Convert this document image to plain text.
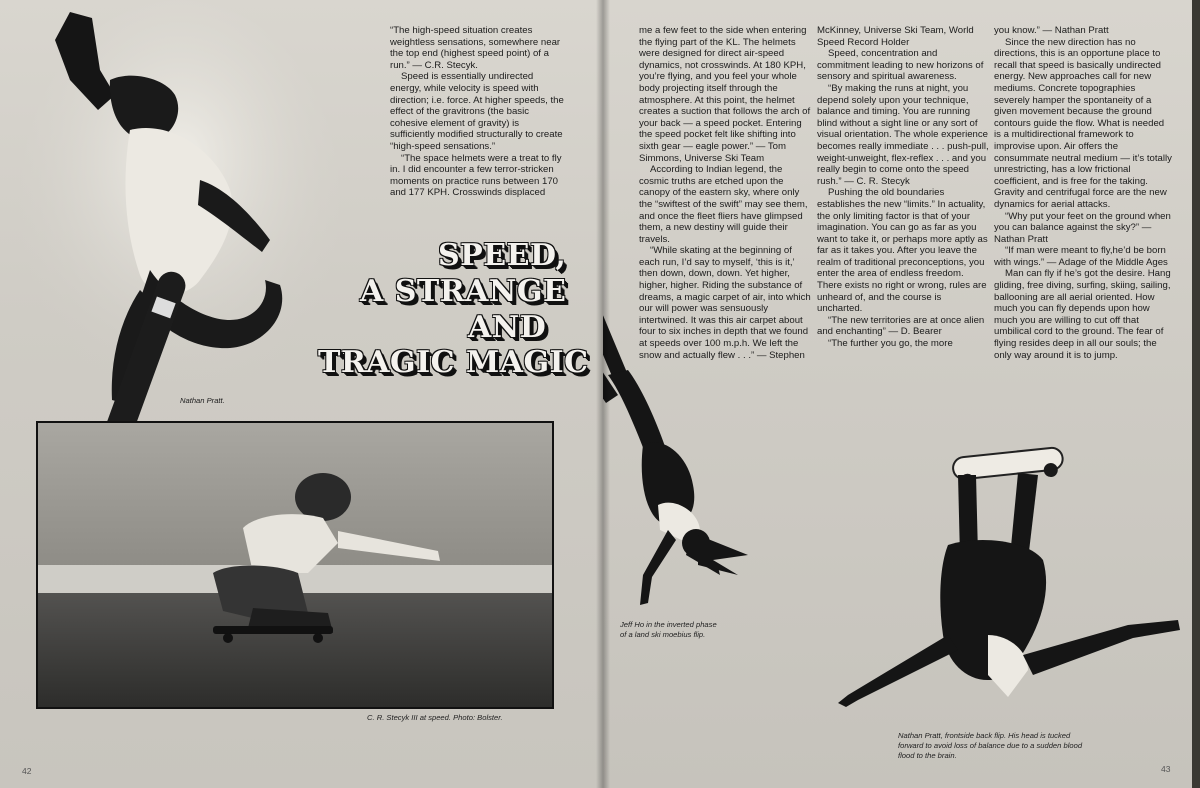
Nathan Pratt.
C. R. Stecyk III at speed. Photo: Bolster.

“The high-speed situation creates weightless sensations, somewhere near the top end (highest speed point) of a run.” — C.R. Stecyk.

Speed is essentially undirected energy, while velocity is speed with direction; i.e. force. At higher speeds, the effect of the gravitrons (the basic cohesive element of gravity) is sufficiently modified structurally to create “high-speed sensations.”

“The space helmets were a treat to fly in. I did encounter a few terror-stricken moments on practice runs between 170 and 177 KPH. Crosswinds displaced

SPEED,
A STRANGE
AND
TRAGIC MAGIC
42

me a few feet to the side when entering the flying part of the KL. The helmets were designed for direct air-speed dynamics, not crosswinds. At 180 KPH, you’re flying, and you feel your whole body projecting itself through the atmosphere. At this point, the helmet creates a suction that follows the arch of your back — a speed pocket. Entering the speed pocket felt like shifting into sixth gear — eagle power.” — Tom Simmons, Universe Ski Team

According to Indian legend, the cosmic truths are etched upon the canopy of the eastern sky, where only the “swiftest of the swift” may see them, and once the fleet fliers have glimpsed them, a new destiny will guide their travels.

“While skating at the beginning of each run, I’d say to myself, ‘this is it,’ then down, down, down. Yet higher, higher, higher. Riding the substance of dreams, a magic carpet of air, into which our will power was sensuously intertwined. It was this air carpet about four to six inches in depth that we found at speeds over 100 m.p.h. We left the snow and actually flew . . .” — Stephen

McKinney, Universe Ski Team, World Speed Record Holder

Speed, concentration and commitment leading to new horizons of sensory and spiritual awareness.

“By making the runs at night, you depend solely upon your technique, balance and timing. You are running blind without a sight line or any sort of visual orientation. The whole experience becomes really immediate . . . push-pull, weight-unweight, flex-reflex . . . and you really begin to come onto the speed rush.” — C. R. Stecyk

Pushing the old boundaries establishes the new “limits.” In actuality, the only limiting factor is that of your imagination. You can go as far as you want to take it, or perhaps more aptly as far as it takes you. After you leave the realm of traditional preconceptions, you enter the area of endless freedom. There exists no right or wrong, rules are unheard of, and the course is uncharted.

“The new territories are at once alien and enchanting” — D. Bearer

“The further you go, the more

you know.” — Nathan Pratt

Since the new direction has no directions, this is an opportune place to recall that speed is basically undirected energy. New approaches call for new mediums. Concrete topographies severely hamper the spontaneity of a given movement because the ground contours guide the flow. What is needed is a multidirectional framework to improvise upon. Air offers the consummate neutral medium — it’s totally unrestricting, has a low frictional coefficient, and is free for the taking. Gravity and centrifugal force are the new dynamics for aerial attacks.

“Why put your feet on the ground when you can balance against the sky?” — Nathan Pratt

“If man were meant to fly,he’d be born with wings.” — Adage of the Middle Ages

Man can fly if he’s got the desire. Hang gliding, free diving, surfing, skiing, sailing, ballooning are all aerial oriented. How much you can fly depends upon how much you are willing to cut off that umbilical cord to the ground. The fear of flying resides deep in all our souls; the only way around it is to jump.

Jeff Ho in the inverted phase
of a land ski moebius flip.
Nathan Pratt, frontside back flip. His head is tucked
forward to avoid loss of balance due to a sudden blood
flood to the brain.
43
